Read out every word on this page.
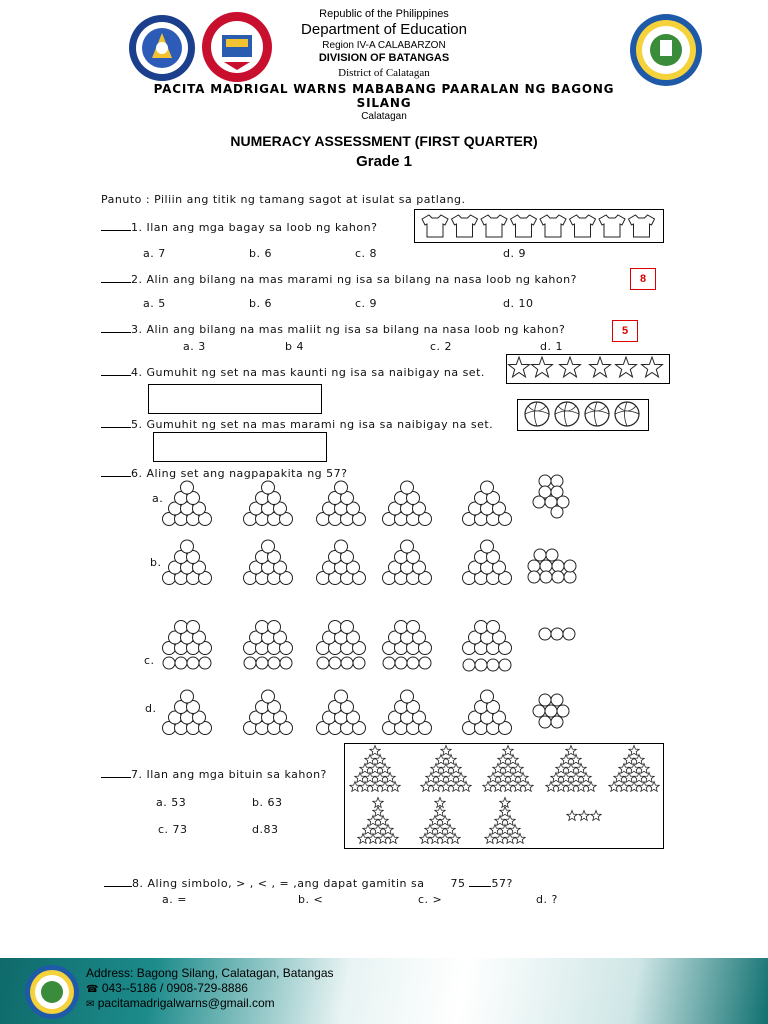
Republic of the Philippines
Department of Education
Region IV-A CALABARZON
DIVISION OF BATANGAS
District of Calatagan
PACITA MADRIGAL WARNS MABABANG PAARALAN NG BAGONG
SILANG
Calatagan
NUMERACY ASSESSMENT (FIRST QUARTER)
Grade 1
Panuto : Piliin ang titik ng tamang sagot at isulat sa patlang.
1. Ilan ang mga bagay sa loob ng kahon?
a. 7	b. 6	c. 8	d. 9
2. Alin ang bilang na mas marami ng isa sa bilang na nasa loob ng kahon?	8
a. 5	b. 6	c. 9	d. 10
3. Alin ang bilang na mas maliit ng isa sa bilang na nasa loob ng kahon?	5
a. 3	b 4	c. 2	d. 1
4. Gumuhit ng set na mas kaunti ng isa sa naibigay na set.
5. Gumuhit ng set na mas marami ng isa sa naibigay na set.
6. Aling set ang nagpapakita ng 57?
a.
b.
c.
d.
7. Ilan ang mga bituin sa kahon?
a. 53	b. 63
c. 73	d.83
8. Aling simbolo, > , < , = ,ang dapat gamitin sa 75 57?
a. =	b. <	c. >	d. ?
Address: Bagong Silang, Calatagan, Batangas
☎ 043--5186 / 0908-729-8886
✉ pacitamadrigalwarns@gmail.com
